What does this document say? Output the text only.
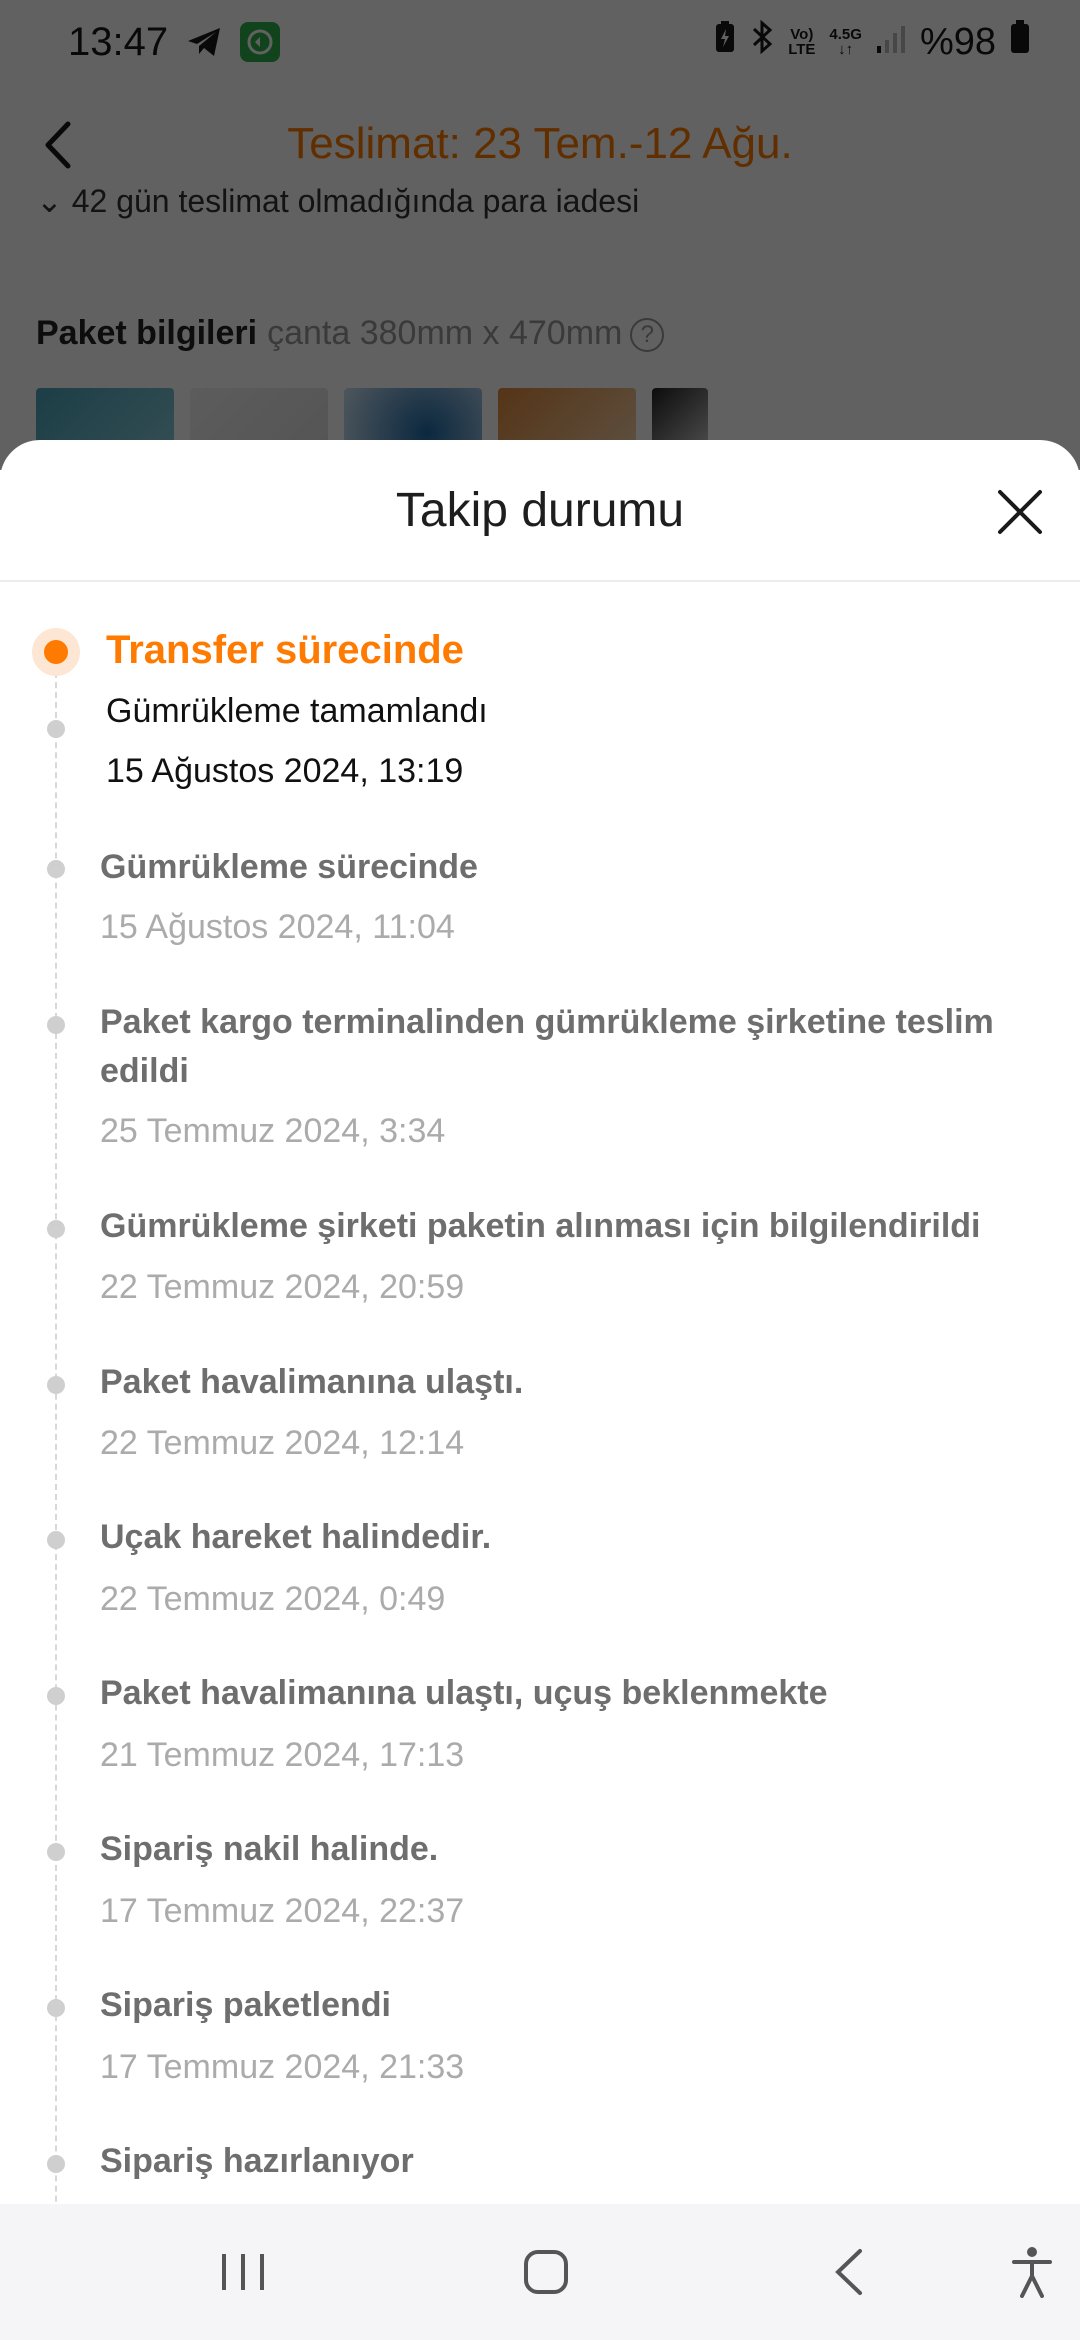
Takip durumu
Transfer sürecinde
Gümrükleme tamamlandı
15 Ağustos 2024, 13:19
Gümrükleme sürecinde
15 Ağustos 2024, 11:04
Paket kargo terminalinden gümrükleme şirketine teslim edildi
25 Temmuz 2024, 3:34
Gümrükleme şirketi paketin alınması için bilgilendirildi
22 Temmuz 2024, 20:59
Paket havalimanına ulaştı.
22 Temmuz 2024, 12:14
Uçak hareket halindedir.
22 Temmuz 2024, 0:49
Paket havalimanına ulaştı, uçuş beklenmekte
21 Temmuz 2024, 17:13
Sipariş nakil halinde.
17 Temmuz 2024, 22:37
Sipariş paketlendi
17 Temmuz 2024, 21:33
Sipariş hazırlanıyor
